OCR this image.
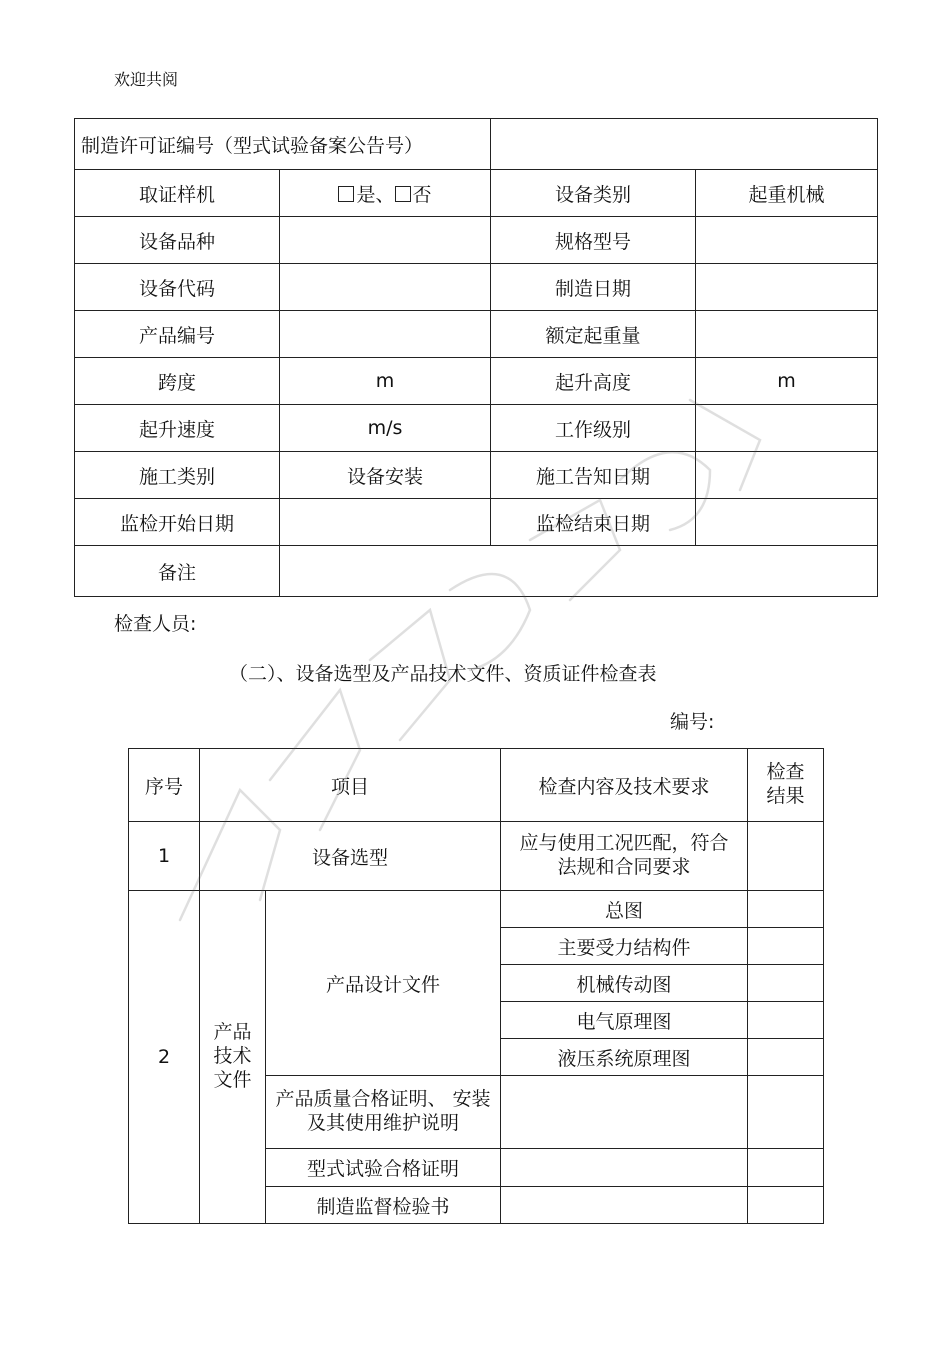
欢迎共阅
制造许可证编号（型式试验备案公告号）			
取证样机	是、 否	设备类别	起重机械
设备品种		规格型号	
设备代码		制造日期	
产品编号		额定起重量	
跨度	m	起升高度	m
起升速度	m/s	工作级别	
施工类别	设备安装	施工告知日期	
监检开始日期		监检结束日期	
备注			
检查人员:
（二）、设备选型及产品技术文件、资质证件检查表
编号:
序号	项目		检查内容及技术要求	检查结果
1	设备选型		应与使用工况匹配，符合法规和合同要求	
2	产品技术文件	产品设计文件	总图	
			主要受力结构件	
			机械传动图	
			电气原理图	
			液压系统原理图	
		产品质量合格证明、 安装及其使用维护说明		
		型式试验合格证明		
		制造监督检验书		
